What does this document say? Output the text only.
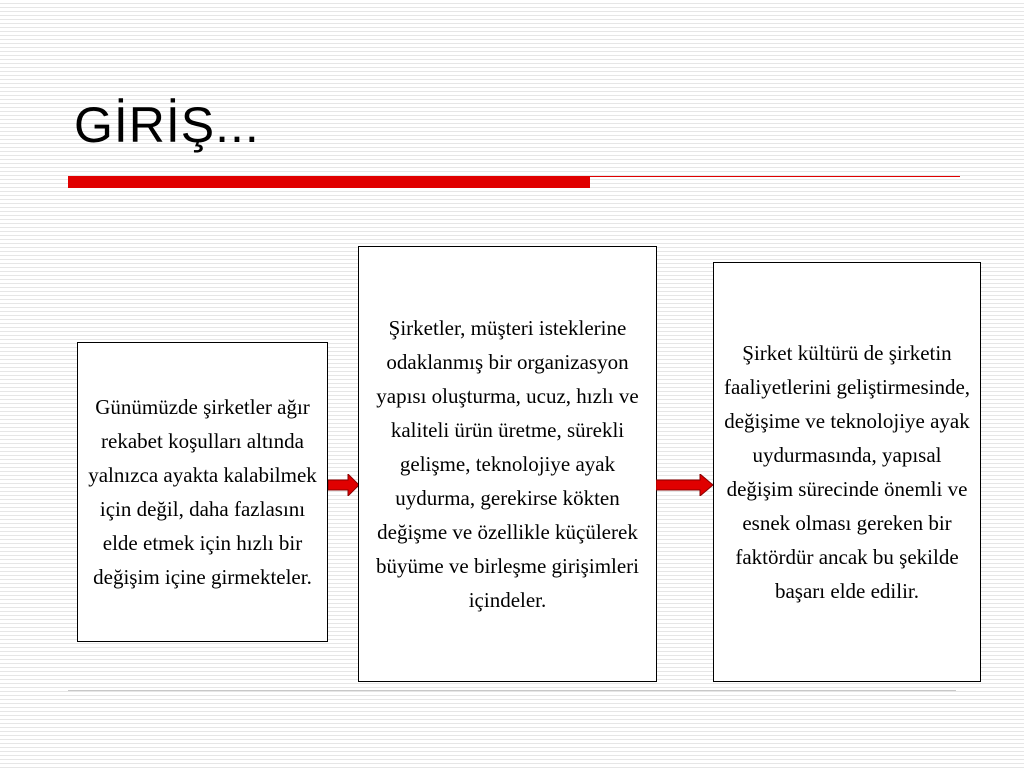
GİRİŞ...
Günümüzde şirketler ağır rekabet koşulları altında yalnızca ayakta kalabilmek için değil, daha fazlasını elde etmek için hızlı bir değişim içine girmekteler.
Şirketler, müşteri isteklerine odaklanmış bir organizasyon yapısı oluşturma, ucuz, hızlı ve kaliteli ürün üretme, sürekli gelişme, teknolojiye ayak uydurma, gerekirse kökten değişme ve özellikle küçülerek büyüme ve birleşme girişimleri içindeler.
Şirket kültürü de şirketin faaliyetlerini geliştirmesinde, değişime ve teknolojiye ayak uydurmasında, yapısal değişim sürecinde önemli ve esnek olması gereken bir faktördür ancak bu şekilde başarı elde edilir.
